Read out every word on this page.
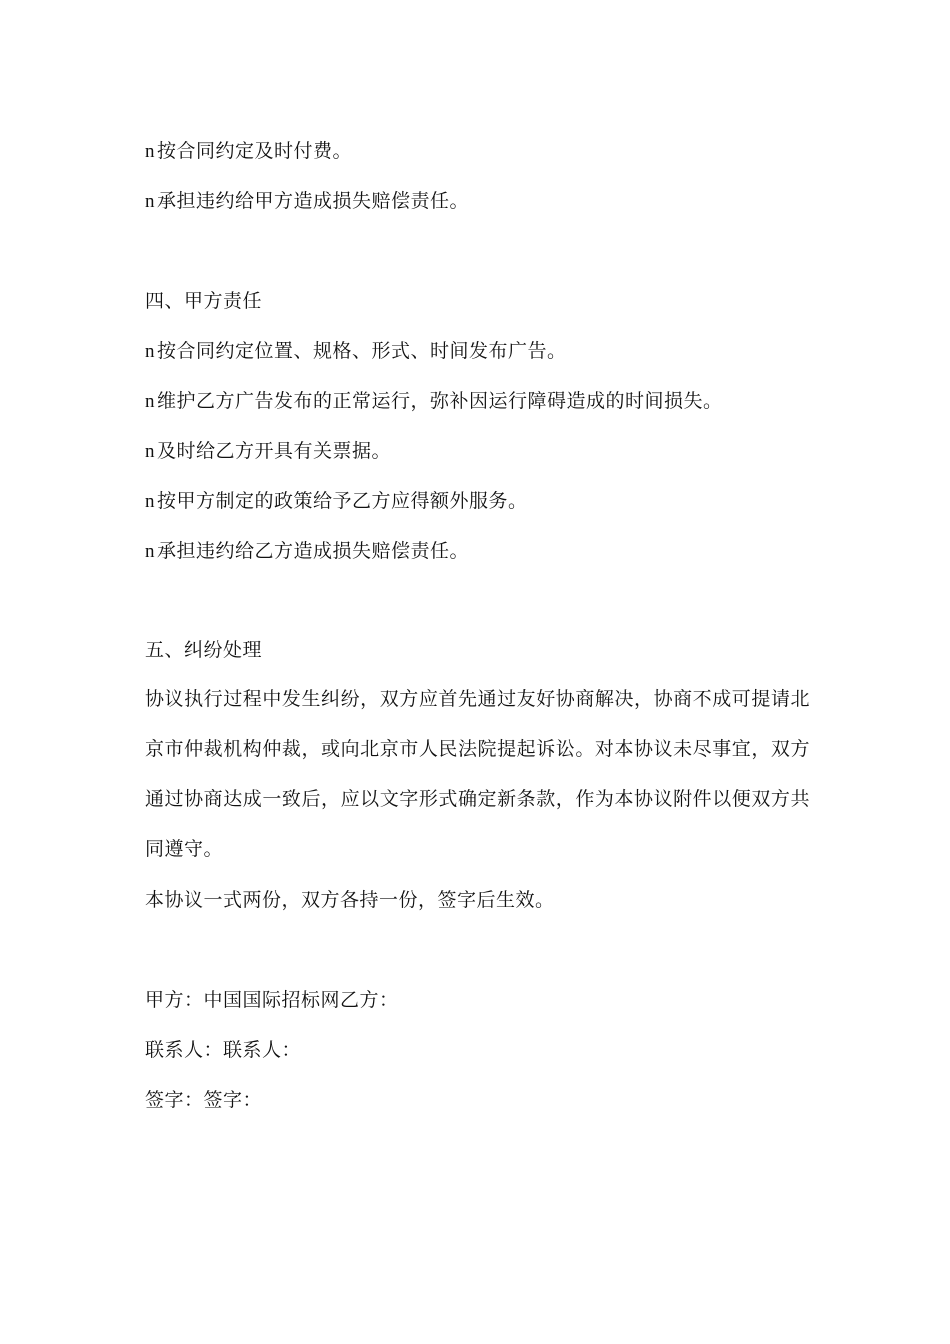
n 按合同约定及时付费。
n 承担违约给甲方造成损失赔偿责任。
四、甲方责任
n 按合同约定位置、规格、形式、时间发布广告。
n 维护乙方广告发布的正常运行，弥补因运行障碍造成的时间损失。
n 及时给乙方开具有关票据。
n 按甲方制定的政策给予乙方应得额外服务。
n 承担违约给乙方造成损失赔偿责任。
五、纠纷处理
协议执行过程中发生纠纷，双方应首先通过友好协商解决，协商不成可提请北京市仲裁机构仲裁，或向北京市人民法院提起诉讼。对本协议未尽事宜，双方通过协商达成一致后，应以文字形式确定新条款，作为本协议附件以便双方共同遵守。
本协议一式两份，双方各持一份，签字后生效。
甲方：中国国际招标网乙方：
联系人：联系人：
签字：签字：
